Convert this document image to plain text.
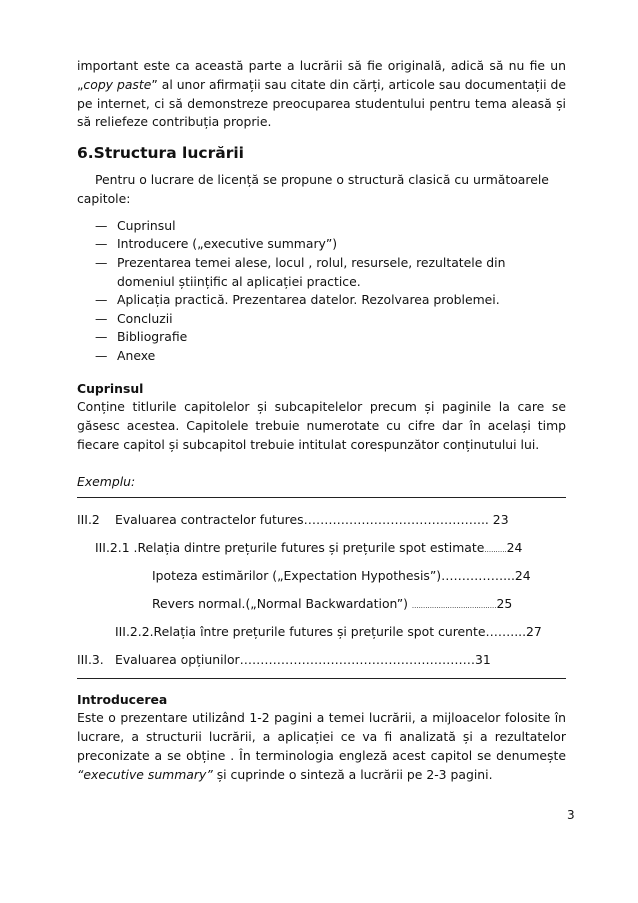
important este ca această parte a lucrării să fie originală, adică să nu fie un „copy paste” al unor afirmații sau citate din cărți, articole sau documentații de pe internet, ci să demonstreze preocuparea studentului pentru tema aleasă și să reliefeze contribuția proprie.

6.Structura lucrării

Pentru o lucrare de licență se propune o structură clasică cu următoarele capitole:

— Cuprinsul
— Introducere („executive summary”)
— Prezentarea temei alese, locul , rolul, resursele, rezultatele din domeniul științific al aplicației practice.
— Aplicația practică. Prezentarea datelor. Rezolvarea problemei.
— Concluzii
— Bibliografie
— Anexe

Cuprinsul

Conține titlurile capitolelor și subcapitelelor precum și paginile la care se găsesc acestea. Capitolele trebuie numerotate cu cifre dar în același timp fiecare capitol și subcapitol trebuie intitulat corespunzător conținutului lui.

Exemplu:

III.2 Evaluarea contractelor futures……………………………………... 23
III.2.1 .Relația dintre prețurile futures și prețurile spot estimate..........24
Ipoteza estimărilor („Expectation Hypothesis”)……………...24
Revers normal.(„Normal Backwardation”) ......................................25
III.2.2.Relația între prețurile futures și prețurile spot curente……....27
III.3. Evaluarea opțiunilor…………………………………………………31

Introducerea

Este o prezentare utilizând 1-2 pagini a temei lucrării, a mijloacelor folosite în lucrare, a structurii lucrării, a aplicației ce va fi analizată și a rezultatelor preconizate a se obține . În terminologia engleză acest capitol se denumește “executive summary” și cuprinde o sinteză a lucrării pe 2-3 pagini.

3
